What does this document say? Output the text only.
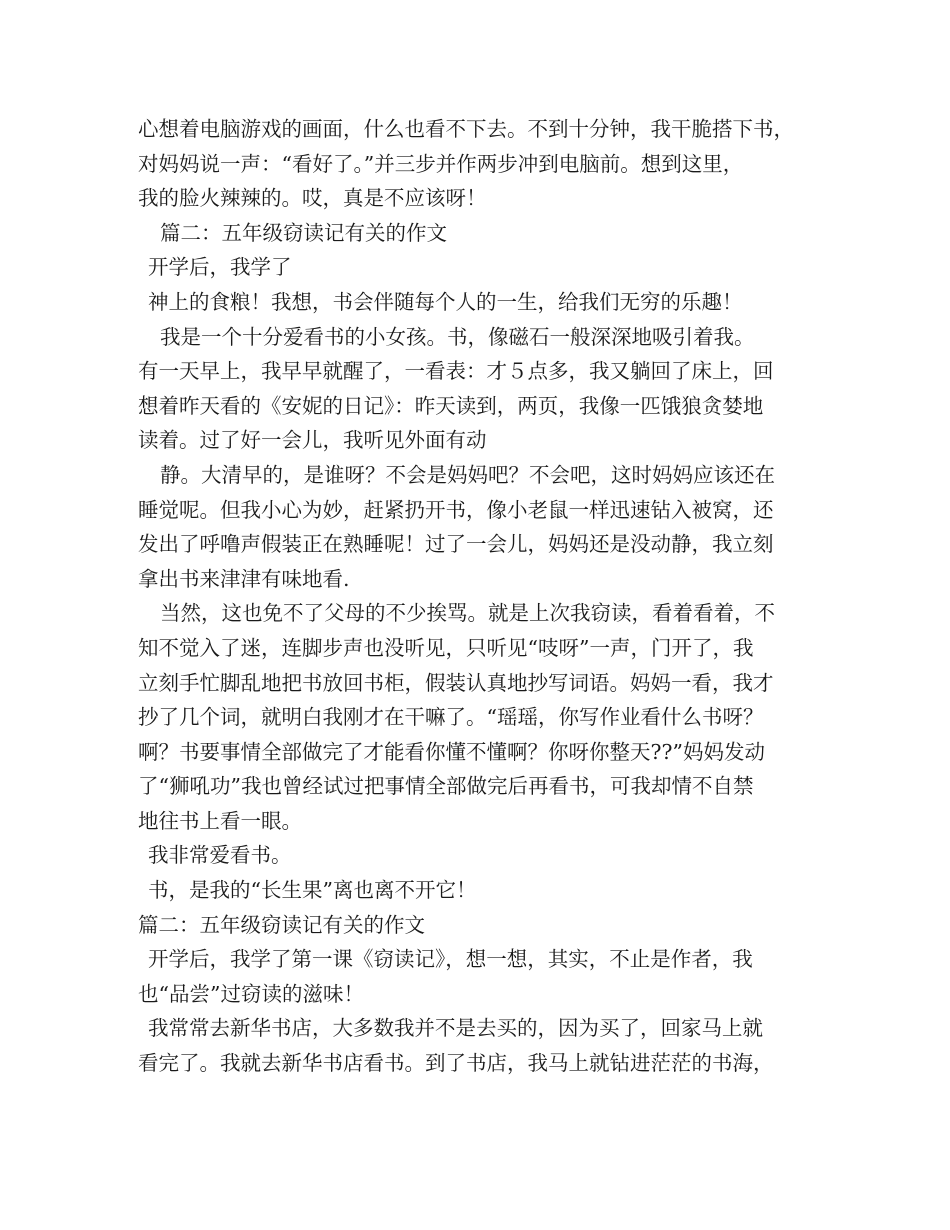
心想着电脑游戏的画面，什么也看不下去。不到十分钟，我干脆搭下书，
对妈妈说一声：“看好了。”并三步并作两步冲到电脑前。想到这里，
我的脸火辣辣的。哎，真是不应该呀！
篇二：五年级窃读记有关的作文
开学后，我学了
神上的食粮！我想，书会伴随每个人的一生，给我们无穷的乐趣！
我是一个十分爱看书的小女孩。书，像磁石一般深深地吸引着我。
有一天早上，我早早就醒了，一看表：才５点多，我又躺回了床上，回
想着昨天看的《安妮的日记》：昨天读到，两页，我像一匹饿狼贪婪地
读着。过了好一会儿，我听见外面有动
静。大清早的，是谁呀？不会是妈妈吧？不会吧，这时妈妈应该还在
睡觉呢。但我小心为妙，赶紧扔开书，像小老鼠一样迅速钻入被窝，还
发出了呼噜声假装正在熟睡呢！过了一会儿，妈妈还是没动静，我立刻
拿出书来津津有味地看.
当然，这也免不了父母的不少挨骂。就是上次我窃读，看着看着，不
知不觉入了迷，连脚步声也没听见，只听见“吱呀”一声，门开了，我
立刻手忙脚乱地把书放回书柜，假装认真地抄写词语。妈妈一看，我才
抄了几个词，就明白我刚才在干嘛了。“瑶瑶，你写作业看什么书呀？
啊？书要事情全部做完了才能看你懂不懂啊？你呀你整天??”妈妈发动
了“狮吼功”我也曾经试过把事情全部做完后再看书，可我却情不自禁
地往书上看一眼。
我非常爱看书。
书，是我的“长生果”离也离不开它！
篇二：五年级窃读记有关的作文
开学后，我学了第一课《窃读记》，想一想，其实，不止是作者，我
也“品尝”过窃读的滋味！
我常常去新华书店，大多数我并不是去买的，因为买了，回家马上就
看完了。我就去新华书店看书。到了书店，我马上就钻进茫茫的书海，
